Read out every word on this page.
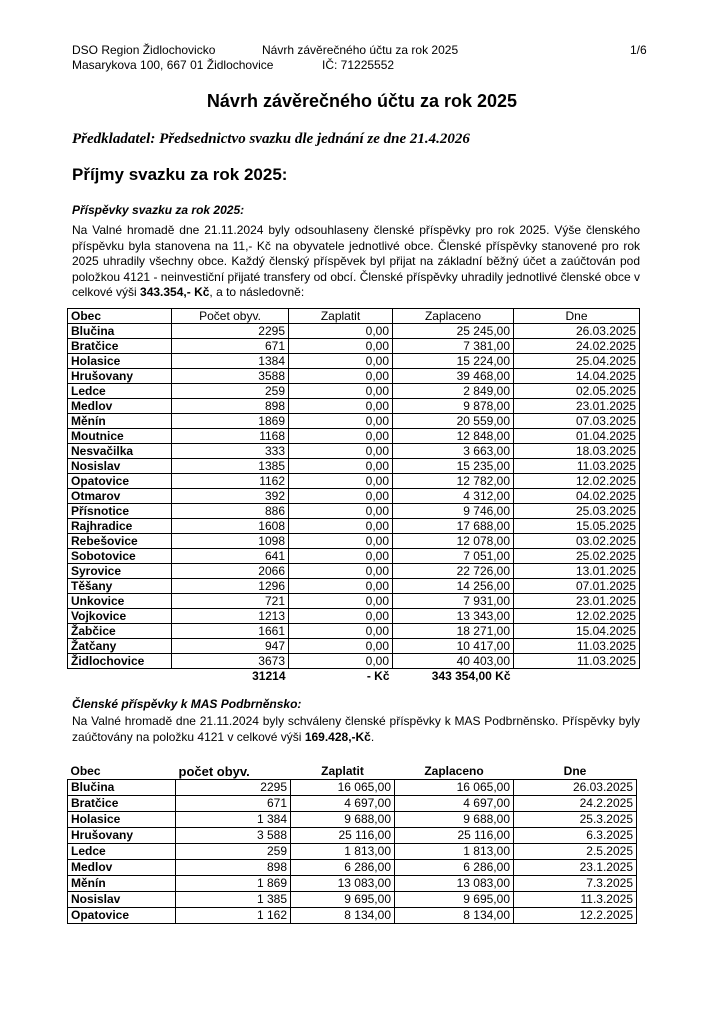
DSO Region Židlochovicko	Návrh závěrečného účtu za rok 2025	1/6
Masarykova 100, 667 01 Židlochovice	IČ: 71225552
Návrh závěrečného účtu za rok 2025
Předkladatel: Předsednictvo svazku dle jednání ze dne 21.4.2026
Příjmy svazku za rok 2025:
Příspěvky svazku za rok 2025:
Na Valné hromadě dne 21.11.2024 byly odsouhlaseny členské příspěvky pro rok 2025. Výše členského příspěvku byla stanovena na 11,- Kč na obyvatele jednotlivé obce. Členské příspěvky stanovené pro rok 2025 uhradily všechny obce. Každý členský příspěvek byl přijat na základní běžný účet a zaúčtován pod položkou 4121 - neinvestiční přijaté transfery od obcí. Členské příspěvky uhradily jednotlivé členské obce v celkové výši 343.354,- Kč, a to následovně:
Obec	Počet obyv.	Zaplatit	Zaplaceno	Dne
Blučina	2295	0,00	25 245,00	26.03.2025
Bratčice	671	0,00	7 381,00	24.02.2025
Holasice	1384	0,00	15 224,00	25.04.2025
Hrušovany	3588	0,00	39 468,00	14.04.2025
Ledce	259	0,00	2 849,00	02.05.2025
Medlov	898	0,00	9 878,00	23.01.2025
Měnín	1869	0,00	20 559,00	07.03.2025
Moutnice	1168	0,00	12 848,00	01.04.2025
Nesvačilka	333	0,00	3 663,00	18.03.2025
Nosislav	1385	0,00	15 235,00	11.03.2025
Opatovice	1162	0,00	12 782,00	12.02.2025
Otmarov	392	0,00	4 312,00	04.02.2025
Přísnotice	886	0,00	9 746,00	25.03.2025
Rajhradice	1608	0,00	17 688,00	15.05.2025
Rebešovice	1098	0,00	12 078,00	03.02.2025
Sobotovice	641	0,00	7 051,00	25.02.2025
Syrovice	2066	0,00	22 726,00	13.01.2025
Těšany	1296	0,00	14 256,00	07.01.2025
Unkovice	721	0,00	7 931,00	23.01.2025
Vojkovice	1213	0,00	13 343,00	12.02.2025
Žabčice	1661	0,00	18 271,00	15.04.2025
Žatčany	947	0,00	10 417,00	11.03.2025
Židlochovice	3673	0,00	40 403,00	11.03.2025
	31214	- Kč	343 354,00 Kč	
Členské příspěvky k MAS Podbrněnsko:
Na Valné hromadě dne 21.11.2024 byly schváleny členské příspěvky k MAS Podbrněnsko. Příspěvky byly zaúčtovány na položku 4121 v celkové výši 169.428,-Kč.
Obec	počet obyv.	Zaplatit	Zaplaceno	Dne
Blučina	2295	16 065,00	16 065,00	26.03.2025
Bratčice	671	4 697,00	4 697,00	24.2.2025
Holasice	1 384	9 688,00	9 688,00	25.3.2025
Hrušovany	3 588	25 116,00	25 116,00	6.3.2025
Ledce	259	1 813,00	1 813,00	2.5.2025
Medlov	898	6 286,00	6 286,00	23.1.2025
Měnín	1 869	13 083,00	13 083,00	7.3.2025
Nosislav	1 385	9 695,00	9 695,00	11.3.2025
Opatovice	1 162	8 134,00	8 134,00	12.2.2025
